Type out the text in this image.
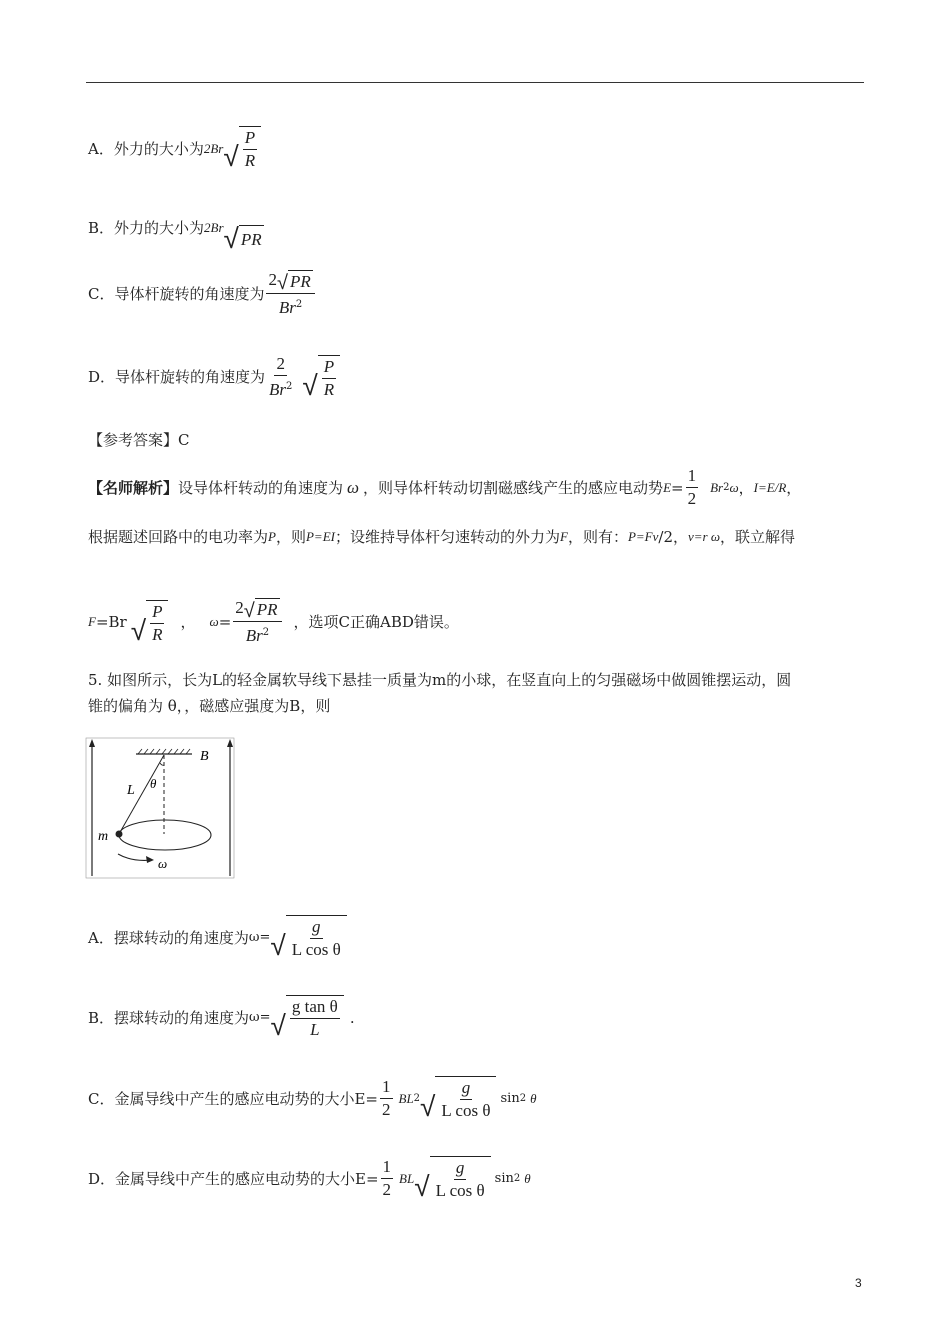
A．外力的大小为 2Br √ $\frac{P}{R}$
B．外力的大小为 2Br √ PR
C．导体杆旋转的角速度为 $\frac{2 √ PR}{Br^2}$
D．导体杆旋转的角速度为 $\frac{2}{Br^2}$ √ $\frac{P}{R}$
【参考答案】C
【名师解析】 设导体杆转动的角速度为 ω ，则导体杆转动切割磁感线产生的感应电动势 $E = \frac{1}{2}$ Br 2 ω ， I=E/R ，
根据题述回路中的电功率为 P ，则 P=EI ；设维持导体杆匀速转动的外力为 F ，则有： P=Fv /2， v=r ω ，联立解得
F =Br √ $\frac{P}{R}$ ， $\omega = \frac{2 √ PR}{Br^2}$ ，选项C正确ABD错误。
5. 如图所示，长为L的轻金属软导线下悬挂一质量为m的小球，在竖直向上的匀强磁场中做圆锥摆运动，圆
锥的偏角为 θ，，磁感应强度为B，则
B
θ
L
m
ω
A．摆球转动的角速度为 ω= √ $\frac{g}{\text{L cos θ}}$
B．摆球转动的角速度为 ω= √ $\frac{\text{g tan θ}}{L}$ .
C．金属导线中产生的感应电动势的大小$E= \frac{1}{2}$ BL 2 √ $\frac{g}{\text{L cos θ}}$ sin 2 θ
D．金属导线中产生的感应电动势的大小$E= \frac{1}{2}$ BL √ $\frac{g}{\text{L cos θ}}$ sin 2 θ
3
